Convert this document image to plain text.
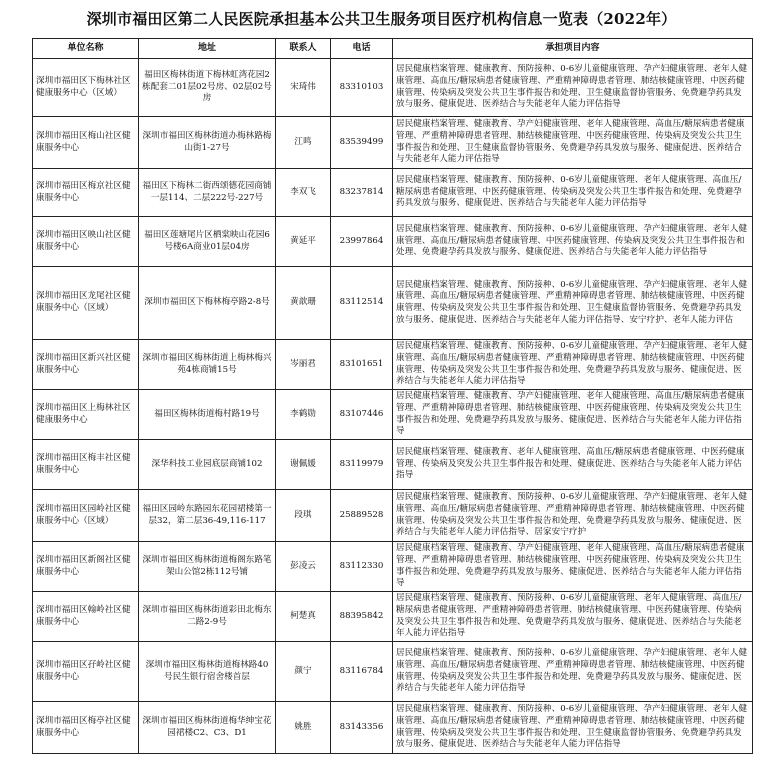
深圳市福田区第二人民医院承担基本公共卫生服务项目医疗机构信息一览表（2022年）
单位名称	地址	联系人	电话	承担项目内容
深圳市福田区下梅林社区健康服务中心（区域）	福田区梅林街道下梅林虹湾花园2栋配套二01层02号房、02层02号房	宋琦伟	83310103	居民健康档案管理、健康教育、预防接种、0-6岁儿童健康管理、孕产妇健康管理、老年人健康管理、高血压/糖尿病患者健康管理、严重精神障碍患者管理、肺结核健康管理、中医药健康管理、传染病及突发公共卫生事件报告和处理、卫生健康监督协管服务、免费避孕药具发放与服务、健康促进、医养结合与失能老年人能力评估指导
深圳市福田区梅山社区健康服务中心	深圳市福田区梅林街道办梅林路梅山街1-27号	江鸣	83539499	居民健康档案管理、健康教育、孕产妇健康管理、老年人健康管理、高血压/糖尿病患者健康管理、严重精神障碍患者管理、肺结核健康管理、中医药健康管理、传染病及突发公共卫生事件报告和处理、卫生健康监督协管服务、免费避孕药具发放与服务、健康促进、医养结合与失能老年人能力评估指导
深圳市福田区梅京社区健康服务中心	福田区下梅林二街西颂德花园商铺一层114、二层222号-227号	李双飞	83237814	居民健康档案管理、健康教育、预防接种、0-6岁儿童健康管理、老年人健康管理、高血压/糖尿病患者健康管理、中医药健康管理、传染病及突发公共卫生事件报告和处理、免费避孕药具发放与服务、健康促进、医养结合与失能老年人能力评估指导
深圳市福田区映山社区健康服务中心	福田区莲塘尾片区栖棠映山花园6号楼6A商业01层04房	黄延平	23997864	居民健康档案管理、健康教育、预防接种、0-6岁儿童健康管理、孕产妇健康管理、老年人健康管理、高血压/糖尿病患者健康管理、中医药健康管理、传染病及突发公共卫生事件报告和处理、免费避孕药具发放与服务、健康促进、医养结合与失能老年人能力评估指导
深圳市福田区龙尾社区健康服务中心（区域）	深圳市福田区下梅林梅亭路2-8号	黄歆珊	83112514	居民健康档案管理、健康教育、预防接种、0-6岁儿童健康管理、孕产妇健康管理、老年人健康管理、高血压/糖尿病患者健康管理、严重精神障碍患者管理、肺结核健康管理、中医药健康管理、传染病及突发公共卫生事件报告和处理、卫生健康监督协管服务、免费避孕药具发放与服务、健康促进、医养结合与失能老年人能力评估指导、安宁疗护、老年人能力评估
深圳市福田区新兴社区健康服务中心	深圳市福田区梅林街道上梅林梅兴苑4栋商铺15号	岑丽君	83101651	居民健康档案管理、健康教育、预防接种、0-6岁儿童健康管理、孕产妇健康管理、老年人健康管理、高血压/糖尿病患者健康管理、严重精神障碍患者管理、肺结核健康管理、中医药健康管理、传染病及突发公共卫生事件报告和处理、免费避孕药具发放与服务、健康促进、医养结合与失能老年人能力评估指导
深圳市福田区上梅林社区健康服务中心	福田区梅林街道梅村路19号	李鹤勋	83107446	居民健康档案管理、健康教育、孕产妇健康管理、老年人健康管理、高血压/糖尿病患者健康管理、严重精神障碍患者管理、肺结核健康管理、中医药健康管理、传染病及突发公共卫生事件报告和处理、免费避孕药具发放与服务、健康促进、医养结合与失能老年人能力评估指导
深圳市福田区梅丰社区健康服务中心	深华科技工业园底层商铺102	谢佩媛	83119979	居民健康档案管理、健康教育、老年人健康管理、高血压/糖尿病患者健康管理、中医药健康管理、传染病及突发公共卫生事件报告和处理、健康促进、医养结合与失能老年人能力评估指导
深圳市福田区园岭社区健康服务中心（区域）	福田区园岭东路园东花园裙楼第一层32，第二层36-49,116-117	段琪	25889528	居民健康档案管理、健康教育、预防接种、0-6岁儿童健康管理、孕产妇健康管理、老年人健康管理、高血压/糖尿病患者健康管理、严重精神障碍患者管理、肺结核健康管理、中医药健康管理、传染病及突发公共卫生事件报告和处理、免费避孕药具发放与服务、健康促进、医养结合与失能老年人能力评估指导、居家安宁疗护
深圳市福田区新阁社区健康服务中心	深圳市福田区梅林街道梅阁东路笔架山公馆2栋112号铺	彭凌云	83112330	居民健康档案管理、健康教育、孕产妇健康管理、老年人健康管理、高血压/糖尿病患者健康管理、严重精神障碍患者管理、肺结核健康管理、中医药健康管理、传染病及突发公共卫生事件报告和处理、免费避孕药具发放与服务、健康促进、医养结合与失能老年人能力评估指导
深圳市福田区翰岭社区健康服务中心	深圳市福田区梅林街道彩田北梅东二路2-9号	柯楚真	88395842	居民健康档案管理、健康教育、预防接种、0-6岁儿童健康管理、老年人健康管理、高血压/糖尿病患者健康管理、严重精神障碍患者管理、肺结核健康管理、中医药健康管理、传染病及突发公共卫生事件报告和处理、免费避孕药具发放与服务、健康促进、医养结合与失能老年人能力评估指导
深圳市福田区孖岭社区健康服务中心	深圳市福田区梅林街道梅林路40号民生银行宿舍楼首层	颜宁	83116784	居民健康档案管理、健康教育、预防接种、0-6岁儿童健康管理、孕产妇健康管理、老年人健康管理、高血压/糖尿病患者健康管理、严重精神障碍患者管理、肺结核健康管理、中医药健康管理、传染病及突发公共卫生事件报告和处理、免费避孕药具发放与服务、健康促进、医养结合与失能老年人能力评估指导
深圳市福田区梅亭社区健康服务中心	深圳市福田区梅林街道梅华绅宝花园裙楼C2、C3、D1	姚胜	83143356	居民健康档案管理、健康教育、预防接种、0-6岁儿童健康管理、孕产妇健康管理、老年人健康管理、高血压/糖尿病患者健康管理、严重精神障碍患者管理、肺结核健康管理、中医药健康管理、传染病及突发公共卫生事件报告和处理、卫生健康监督协管服务、免费避孕药具发放与服务、健康促进、医养结合与失能老年人能力评估指导
